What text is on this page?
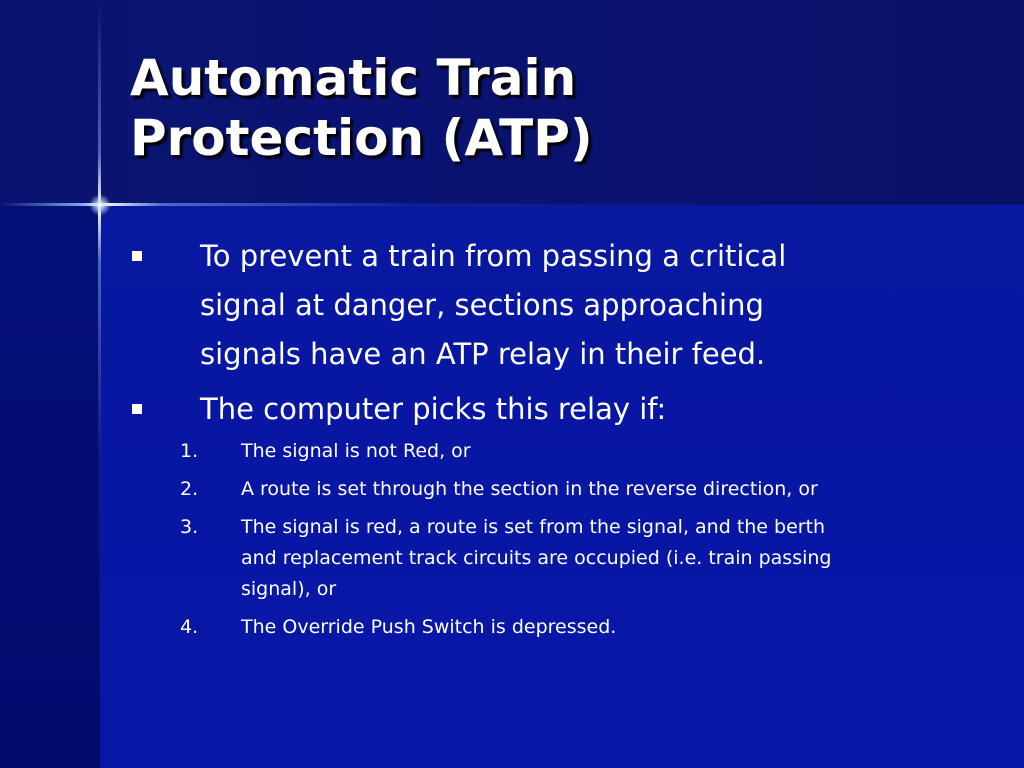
Automatic Train
Protection (ATP)
To prevent a train from passing a critical
signal at danger, sections approaching
signals have an ATP relay in their feed.
The computer picks this relay if:
1. The signal is not Red, or
2. A route is set through the section in the reverse direction, or
3. The signal is red, a route is set from the signal, and the berth
and replacement track circuits are occupied (i.e. train passing
signal), or
4. The Override Push Switch is depressed.
